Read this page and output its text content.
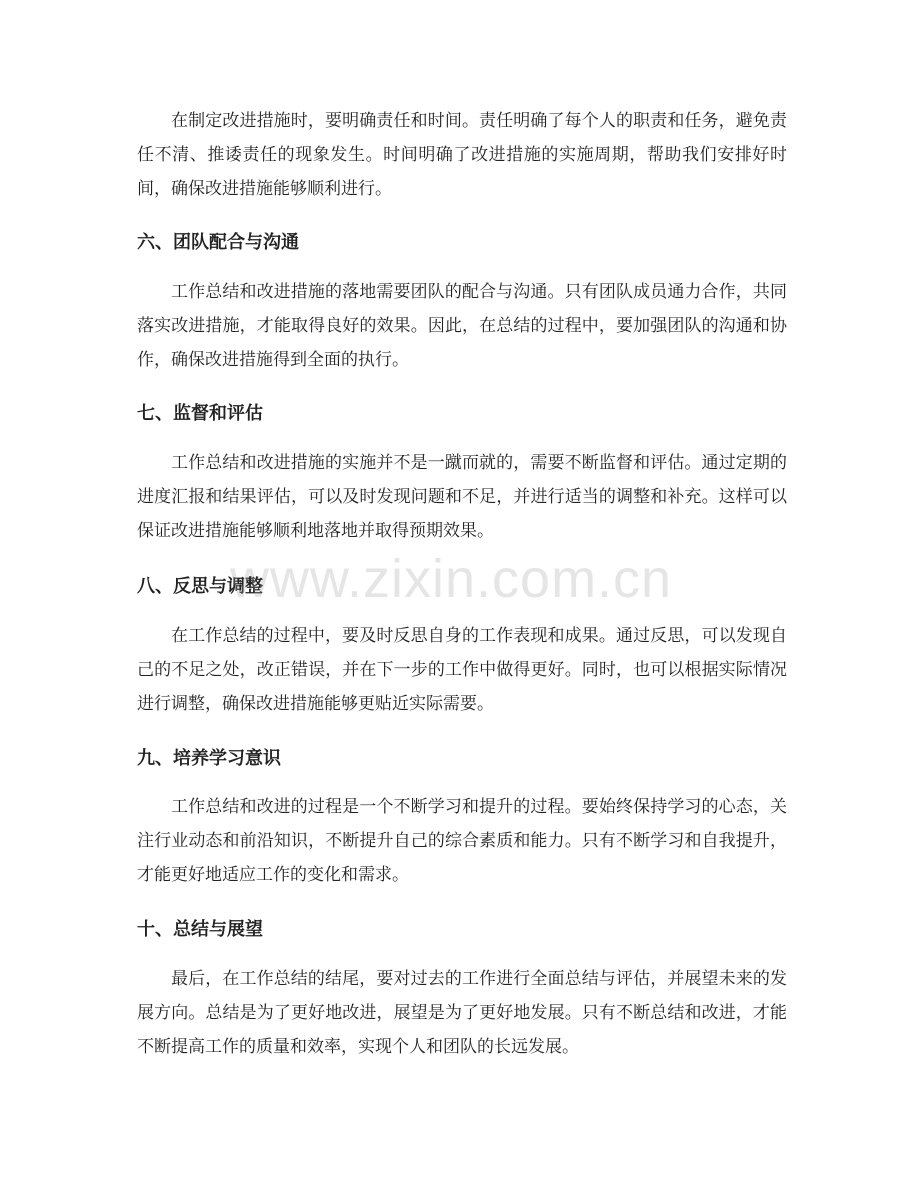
在制定改进措施时，要明确责任和时间。责任明确了每个人的职责和任务，避免责任不清、推诿责任的现象发生。时间明确了改进措施的实施周期，帮助我们安排好时间，确保改进措施能够顺利进行。

六、团队配合与沟通

工作总结和改进措施的落地需要团队的配合与沟通。只有团队成员通力合作，共同落实改进措施，才能取得良好的效果。因此，在总结的过程中，要加强团队的沟通和协作，确保改进措施得到全面的执行。

七、监督和评估

工作总结和改进措施的实施并不是一蹴而就的，需要不断监督和评估。通过定期的进度汇报和结果评估，可以及时发现问题和不足，并进行适当的调整和补充。这样可以保证改进措施能够顺利地落地并取得预期效果。

八、反思与调整

在工作总结的过程中，要及时反思自身的工作表现和成果。通过反思，可以发现自己的不足之处，改正错误，并在下一步的工作中做得更好。同时，也可以根据实际情况进行调整，确保改进措施能够更贴近实际需要。

九、培养学习意识

工作总结和改进的过程是一个不断学习和提升的过程。要始终保持学习的心态，关注行业动态和前沿知识，不断提升自己的综合素质和能力。只有不断学习和自我提升，才能更好地适应工作的变化和需求。

十、总结与展望

最后，在工作总结的结尾，要对过去的工作进行全面总结与评估，并展望未来的发展方向。总结是为了更好地改进，展望是为了更好地发展。只有不断总结和改进，才能不断提高工作的质量和效率，实现个人和团队的长远发展。

www.zixin.com.cn
